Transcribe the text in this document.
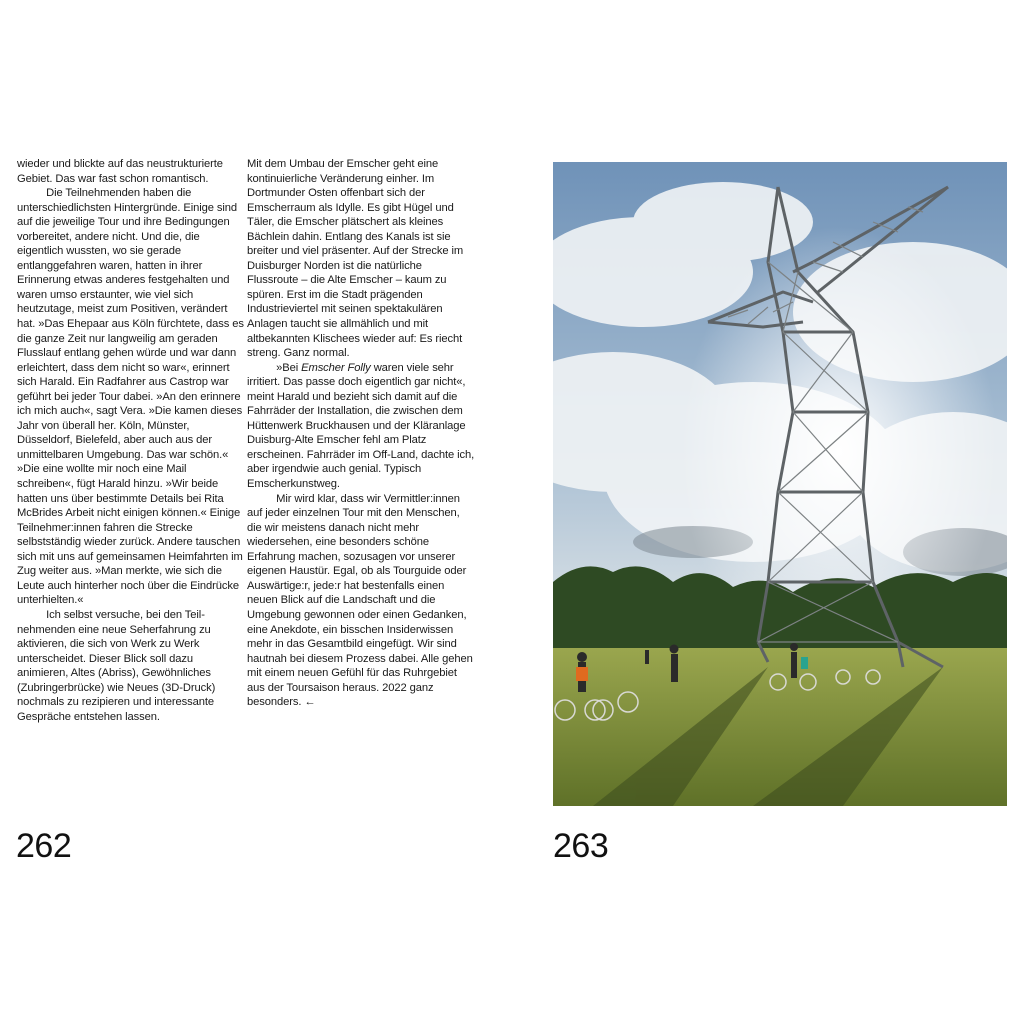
wieder und blickte auf das neustrukturierte Gebiet. Das war fast schon romantisch.

Die Teilnehmenden haben die unterschiedlichsten Hintergründe. Einige sind auf die jeweilige Tour und ihre Bedingungen vorbereitet, andere nicht. Und die, die eigentlich wussten, wo sie gerade entlanggefahren waren, hatten in ihrer Erinnerung etwas anderes festgehalten und waren umso erstaunter, wie viel sich heutzutage, meist zum Positiven, verändert hat. »Das Ehepaar aus Köln fürchtete, dass es die ganze Zeit nur langweilig am geraden Flusslauf entlang gehen würde und war dann erleichtert, dass dem nicht so war«, erinnert sich Harald. Ein Radfahrer aus Castrop war geführt bei jeder Tour dabei. »An den erinnere ich mich auch«, sagt Vera. »Die kamen dieses Jahr von überall her. Köln, Münster, Düsseldorf, Bielefeld, aber auch aus der unmittelbaren Umgebung. Das war schön.« »Die eine wollte mir noch eine Mail schreiben«, fügt Harald hinzu. »Wir beide hatten uns über bestimmte Details bei Rita McBrides Arbeit nicht einigen können.« Einige Teilnehmer:innen fahren die Strecke selbstständig wieder zurück. Andere tauschen sich mit uns auf gemeinsamen Heimfahrten im Zug weiter aus. »Man merkte, wie sich die Leute auch hinterher noch über die Eindrücke unterhielten.«

Ich selbst versuche, bei den Teilnehmenden eine neue Seherfahrung zu aktivieren, die sich von Werk zu Werk unterscheidet. Dieser Blick soll dazu animieren, Altes (Abriss), Gewöhnliches (Zubringerbrücke) wie Neues (3D-Druck) nochmals zu rezipieren und interessante Gespräche entstehen lassen.

Mit dem Umbau der Emscher geht eine kontinuierliche Veränderung einher. Im Dortmunder Osten offenbart sich der Emscherraum als Idylle. Es gibt Hügel und Täler, die Emscher plätschert als kleines Bächlein dahin. Entlang des Kanals ist sie breiter und viel präsenter. Auf der Strecke im Duisburger Norden ist die natürliche Flussroute – die Alte Emscher – kaum zu spüren. Erst im die Stadt prägenden Industrieviertel mit seinen spektakulären Anlagen taucht sie allmählich und mit altbekannten Klischees wieder auf: Es riecht streng. Ganz normal.

»Bei Emscher Folly waren viele sehr irritiert. Das passe doch eigentlich gar nicht«, meint Harald und bezieht sich damit auf die Fahrräder der Installation, die zwischen dem Hüttenwerk Bruckhausen und der Kläranlage Duisburg-Alte Emscher fehl am Platz erscheinen. Fahrräder im Off-Land, dachte ich, aber irgendwie auch genial. Typisch Emscherkunstweg.

Mir wird klar, dass wir Vermittler:innen auf jeder einzelnen Tour mit den Menschen, die wir meistens danach nicht mehr wiedersehen, eine besonders schöne Erfahrung machen, sozusagen vor unserer eigenen Haustür. Egal, ob als Tourguide oder Auswärtige:r, jede:r hat bestenfalls einen neuen Blick auf die Landschaft und die Umgebung gewonnen oder einen Gedanken, eine Anekdote, ein bisschen Insiderwissen mehr in das Gesamtbild eingefügt. Wir sind hautnah bei diesem Prozess dabei. Alle gehen mit einem neuen Gefühl für das Ruhrgebiet aus der Toursaison heraus. 2022 ganz besonders. ←

262	263
